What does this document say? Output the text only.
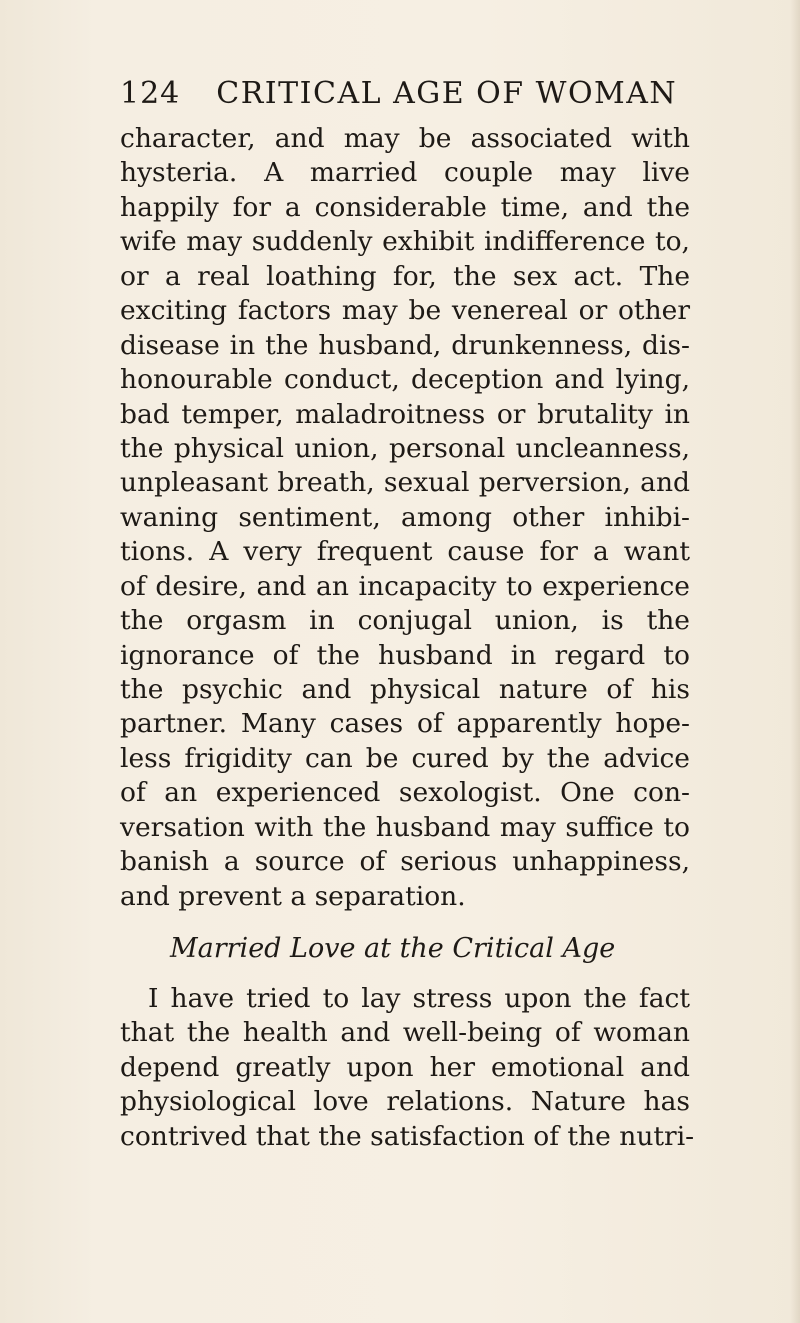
124 CRITICAL AGE OF WOMAN
character, and may be associated with
hysteria. A married couple may live
happily for a considerable time, and the
wife may suddenly exhibit indifference to,
or a real loathing for, the sex act. The
exciting factors may be venereal or other
disease in the husband, drunkenness, dis-
honourable conduct, deception and lying,
bad temper, maladroitness or brutality in
the physical union, personal uncleanness,
unpleasant breath, sexual perversion, and
waning sentiment, among other inhibi-
tions. A very frequent cause for a want
of desire, and an incapacity to experience
the orgasm in conjugal union, is the
ignorance of the husband in regard to
the psychic and physical nature of his
partner. Many cases of apparently hope-
less frigidity can be cured by the advice
of an experienced sexologist. One con-
versation with the husband may suffice to
banish a source of serious unhappiness,
and prevent a separation.
Married Love at the Critical Age
I have tried to lay stress upon the fact
that the health and well-being of woman
depend greatly upon her emotional and
physiological love relations. Nature has
contrived that the satisfaction of the nutri-
